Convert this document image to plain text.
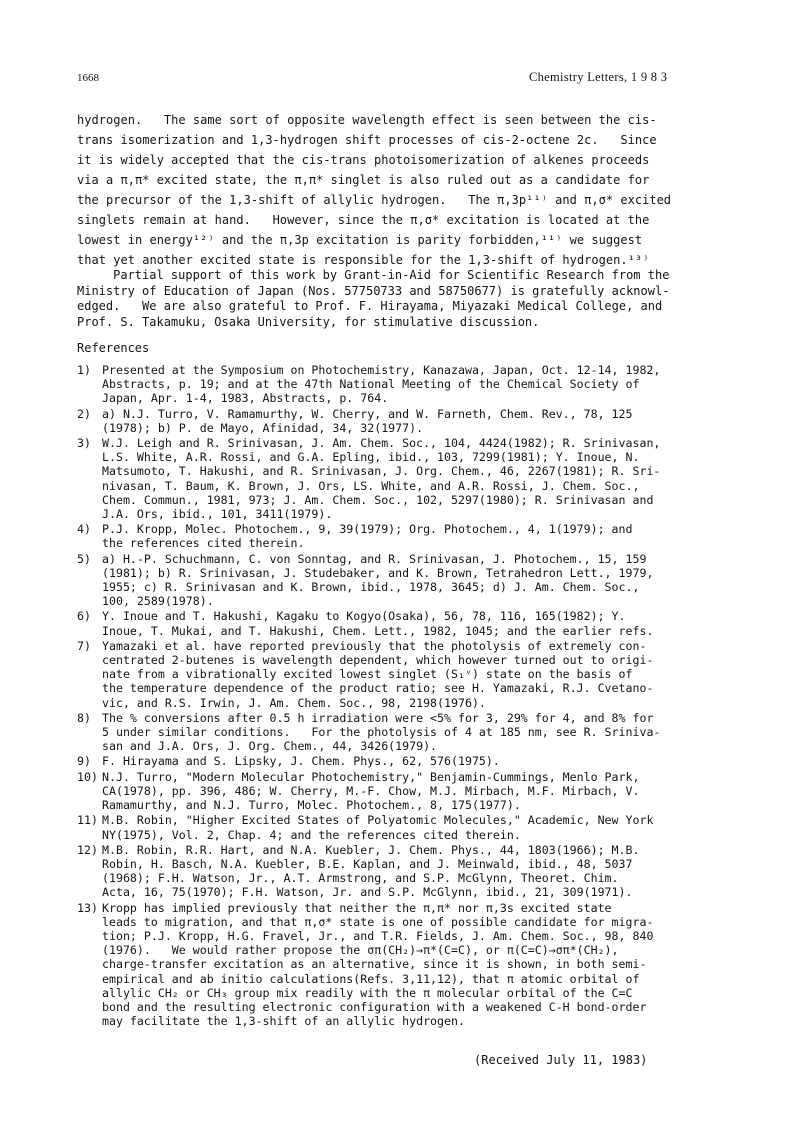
1668	Chemistry Letters, 1 9 8 3
hydrogen.   The same sort of opposite wavelength effect is seen between the cis-
trans isomerization and 1,3-hydrogen shift processes of cis-2-octene 2c.   Since
it is widely accepted that the cis-trans photoisomerization of alkenes proceeds
via a π,π* excited state, the π,π* singlet is also ruled out as a candidate for
the precursor of the 1,3-shift of allylic hydrogen.   The π,3p¹¹⁾ and π,σ* excited
singlets remain at hand.   However, since the π,σ* excitation is located at the
lowest in energy¹²⁾ and the π,3p excitation is parity forbidden,¹¹⁾ we suggest
that yet another excited state is responsible for the 1,3-shift of hydrogen.¹³⁾
Partial support of this work by Grant-in-Aid for Scientific Research from the
Ministry of Education of Japan (Nos. 57750733 and 58750677) is gratefully acknowl-
edged.   We are also grateful to Prof. F. Hirayama, Miyazaki Medical College, and
Prof. S. Takamuku, Osaka University, for stimulative discussion.
References
1) Presented at the Symposium on Photochemistry, Kanazawa, Japan, Oct. 12-14, 1982,
Abstracts, p. 19; and at the 47th National Meeting of the Chemical Society of
Japan, Apr. 1-4, 1983, Abstracts, p. 764.
2) a) N.J. Turro, V. Ramamurthy, W. Cherry, and W. Farneth, Chem. Rev., 78, 125
(1978); b) P. de Mayo, Afinidad, 34, 32(1977).
3) W.J. Leigh and R. Srinivasan, J. Am. Chem. Soc., 104, 4424(1982); R. Srinivasan,
L.S. White, A.R. Rossi, and G.A. Epling, ibid., 103, 7299(1981); Y. Inoue, N.
Matsumoto, T. Hakushi, and R. Srinivasan, J. Org. Chem., 46, 2267(1981); R. Sri-
nivasan, T. Baum, K. Brown, J. Ors, LS. White, and A.R. Rossi, J. Chem. Soc.,
Chem. Commun., 1981, 973; J. Am. Chem. Soc., 102, 5297(1980); R. Srinivasan and
J.A. Ors, ibid., 101, 3411(1979).
4) P.J. Kropp, Molec. Photochem., 9, 39(1979); Org. Photochem., 4, 1(1979); and
the references cited therein.
5) a) H.-P. Schuchmann, C. von Sonntag, and R. Srinivasan, J. Photochem., 15, 159
(1981); b) R. Srinivasan, J. Studebaker, and K. Brown, Tetrahedron Lett., 1979,
1955; c) R. Srinivasan and K. Brown, ibid., 1978, 3645; d) J. Am. Chem. Soc.,
100, 2589(1978).
6) Y. Inoue and T. Hakushi, Kagaku to Kogyo(Osaka), 56, 78, 116, 165(1982); Y.
Inoue, T. Mukai, and T. Hakushi, Chem. Lett., 1982, 1045; and the earlier refs.
7) Yamazaki et al. have reported previously that the photolysis of extremely con-
centrated 2-butenes is wavelength dependent, which however turned out to origi-
nate from a vibrationally excited lowest singlet (S₁ᵛ) state on the basis of
the temperature dependence of the product ratio; see H. Yamazaki, R.J. Cvetano-
vic, and R.S. Irwin, J. Am. Chem. Soc., 98, 2198(1976).
8) The % conversions after 0.5 h irradiation were <5% for 3, 29% for 4, and 8% for
5 under similar conditions.   For the photolysis of 4 at 185 nm, see R. Sriniva-
san and J.A. Ors, J. Org. Chem., 44, 3426(1979).
9) F. Hirayama and S. Lipsky, J. Chem. Phys., 62, 576(1975).
10) N.J. Turro, "Modern Molecular Photochemistry," Benjamin-Cummings, Menlo Park,
CA(1978), pp. 396, 486; W. Cherry, M.-F. Chow, M.J. Mirbach, M.F. Mirbach, V.
Ramamurthy, and N.J. Turro, Molec. Photochem., 8, 175(1977).
11) M.B. Robin, "Higher Excited States of Polyatomic Molecules," Academic, New York
NY(1975), Vol. 2, Chap. 4; and the references cited therein.
12) M.B. Robin, R.R. Hart, and N.A. Kuebler, J. Chem. Phys., 44, 1803(1966); M.B.
Robin, H. Basch, N.A. Kuebler, B.E. Kaplan, and J. Meinwald, ibid., 48, 5037
(1968); F.H. Watson, Jr., A.T. Armstrong, and S.P. McGlynn, Theoret. Chim.
Acta, 16, 75(1970); F.H. Watson, Jr. and S.P. McGlynn, ibid., 21, 309(1971).
13) Kropp has implied previously that neither the π,π* nor π,3s excited state
leads to migration, and that π,σ* state is one of possible candidate for migra-
tion; P.J. Kropp, H.G. Fravel, Jr., and T.R. Fields, J. Am. Chem. Soc., 98, 840
(1976).   We would rather propose the σπ(CH₂)→π*(C=C), or π(C=C)→σπ*(CH₂),
charge-transfer excitation as an alternative, since it is shown, in both semi-
empirical and ab initio calculations(Refs. 3,11,12), that π atomic orbital of
allylic CH₂ or CH₃ group mix readily with the π molecular orbital of the C=C
bond and the resulting electronic configuration with a weakened C-H bond-order
may facilitate the 1,3-shift of an allylic hydrogen.
(Received July 11, 1983)
